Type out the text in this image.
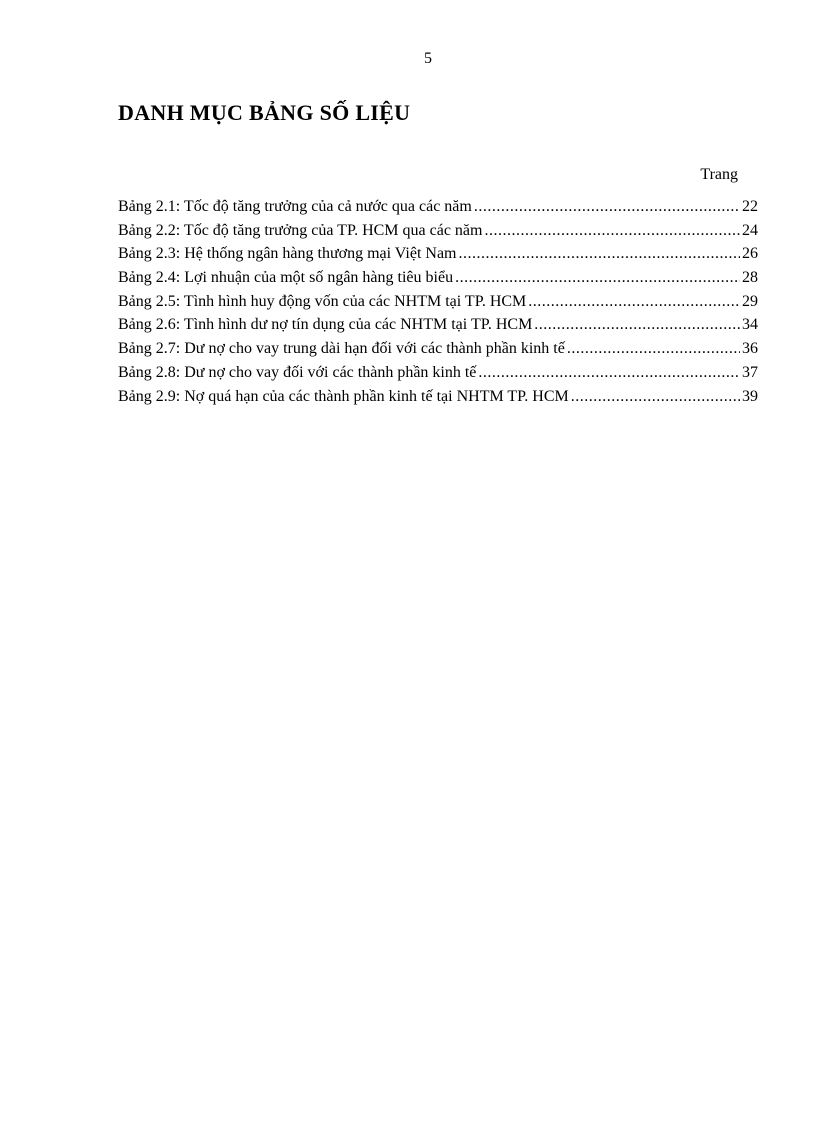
5
DANH MỤC BẢNG SỐ LIỆU
Trang
Bảng 2.1: Tốc độ tăng trưởng của cả nước qua các năm .....	22
Bảng 2.2: Tốc độ tăng trưởng của TP. HCM qua các năm .....	24
Bảng 2.3: Hệ thống ngân hàng thương mại Việt Nam .....	26
Bảng 2.4: Lợi nhuận của một số ngân hàng tiêu biểu .....	28
Bảng 2.5: Tình hình huy động vốn của các NHTM tại TP. HCM .....	29
Bảng 2.6: Tình hình dư nợ tín dụng của các NHTM tại TP. HCM .....	34
Bảng 2.7: Dư nợ cho vay trung dài hạn đối với các thành phần kinh tế .....	36
Bảng 2.8: Dư nợ cho vay đối với các thành phần kinh tế .....	37
Bảng 2.9: Nợ quá hạn của các thành phần kinh tế tại NHTM TP. HCM .....	39
